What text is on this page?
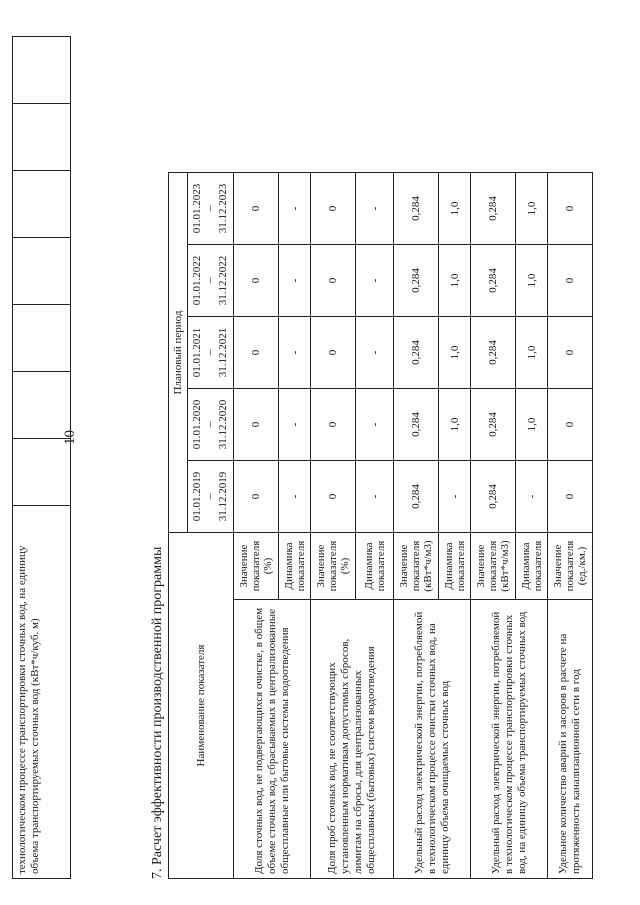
10
технологическом процессе транспортировки сточных вод, на единицу объема транспортируемых сточных вод (кВт*ч/куб. м)								7. Расчет эффективности производственной программы	Наименование показателя		Плановый период				
		01.01.2019
–
31.12.2019	01.01.2020
–
31.12.2020	01.01.2021
–
31.12.2021	01.01.2022
–
31.12.2022	01.01.2023
–
31.12.2023
Доля сточных вод, не подвергающихся очистке, в общем объеме сточных вод, сбрасываемых в централизованные общесплавные или бытовые системы водоотведения	Значение показателя (%)	0	0	0	0	0
	Динамика показателя	-	-	-	-	-
Доля проб сточных вод, не соответствующих установленным нормативам допустимых сбросов, лимитам на сбросы, для централизованных общесплавных (бытовых) систем водоотведения	Значение показателя (%)	0	0	0	0	0
	Динамика показателя	-	-	-	-	-
Удельный расход электрической энергии, потребляемой в технологическом процессе очистки сточных вод, на единицу объема очищаемых сточных вод	Значение показателя (кВт*ч/м3)	0,284	0,284	0,284	0,284	0,284
	Динамика показателя	-	1,0	1,0	1,0	1,0
Удельный расход электрической энергии, потребляемой в технологическом процессе транспортировки сточных вод, на единицу объема транспортируемых сточных вод	Значение показателя (кВт*ч/м3)	0,284	0,284	0,284	0,284	0,284
	Динамика показателя	-	1,0	1,0	1,0	1,0
Удельное количество аварий и засоров в расчете на протяженность канализационной сети в год	Значение показателя (ед./км.)	0	0	0	0	0
